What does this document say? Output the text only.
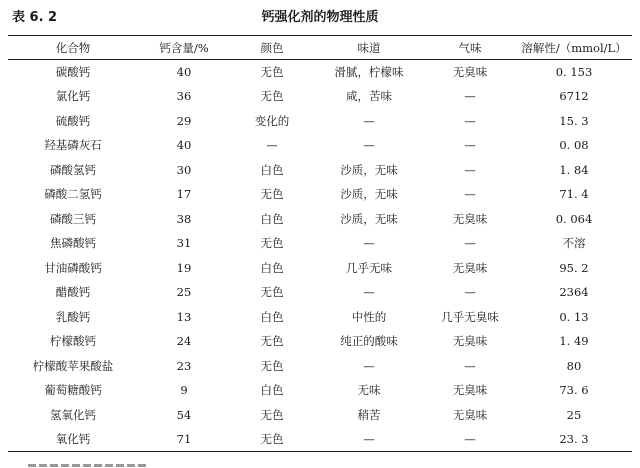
表 6. 2	钙强化剂的物理性质
化合物	钙含量/%	颜色	味道	气味	溶解性/（mmol/L）
碳酸钙	40	无色	滑腻，柠檬味	无臭味	0. 153
氯化钙	36	无色	咸，苦味	—	6712
硫酸钙	29	变化的	—	—	15. 3
羟基磷灰石	40	—	—	—	0. 08
磷酸氢钙	30	白色	沙质，无味	—	1. 84
磷酸二氢钙	17	无色	沙质，无味	—	71. 4
磷酸三钙	38	白色	沙质，无味	无臭味	0. 064
焦磷酸钙	31	无色	—	—	不溶
甘油磷酸钙	19	白色	几乎无味	无臭味	95. 2
醋酸钙	25	无色	—	—	2364
乳酸钙	13	白色	中性的	几乎无臭味	0. 13
柠檬酸钙	24	无色	纯正的酸味	无臭味	1. 49
柠檬酸苹果酸盐	23	无色	—	—	80
葡萄糖酸钙	9	白色	无味	无臭味	73. 6
氢氧化钙	54	无色	稍苦	无臭味	25
氧化钙	71	无色	—	—	23. 3
